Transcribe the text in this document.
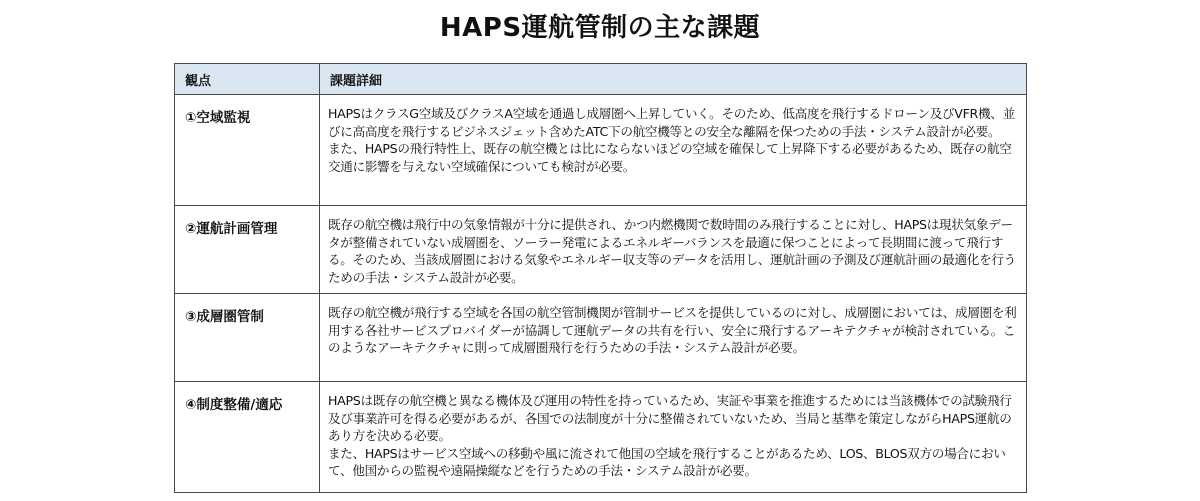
HAPS運航管制の主な課題
観点	課題詳細
①空域監視	HAPSはクラスG空域及びクラスA空域を通過し成層圏へ上昇していく。そのため、低高度を飛行するドローン及びVFR機、並びに高高度を飛行するビジネスジェット含めたATC下の航空機等との安全な離隔を保つための手法・システム設計が必要。
また、HAPSの飛行特性上、既存の航空機とは比にならないほどの空域を確保して上昇降下する必要があるため、既存の航空交通に影響を与えない空域確保についても検討が必要。

②運航計画管理	既存の航空機は飛行中の気象情報が十分に提供され、かつ内燃機関で数時間のみ飛行することに対し、HAPSは現状気象データが整備されていない成層圏を、ソーラー発電によるエネルギーバランスを最適に保つことによって長期間に渡って飛行する。そのため、当該成層圏における気象やエネルギー収支等のデータを活用し、運航計画の予測及び運航計画の最適化を行うための手法・システム設計が必要。

③成層圏管制	既存の航空機が飛行する空域を各国の航空管制機関が管制サービスを提供しているのに対し、成層圏においては、成層圏を利用する各社サービスプロバイダーが協調して運航データの共有を行い、安全に飛行するアーキテクチャが検討されている。このようなアーキテクチャに則って成層圏飛行を行うための手法・システム設計が必要。

④制度整備/適応	HAPSは既存の航空機と異なる機体及び運用の特性を持っているため、実証や事業を推進するためには当該機体での試験飛行及び事業許可を得る必要があるが、各国での法制度が十分に整備されていないため、当局と基準を策定しながらHAPS運航のあり方を決める必要。
また、HAPSはサービス空域への移動や風に流されて他国の空域を飛行することがあるため、LOS、BLOS双方の場合において、他国からの監視や遠隔操縦などを行うための手法・システム設計が必要。
